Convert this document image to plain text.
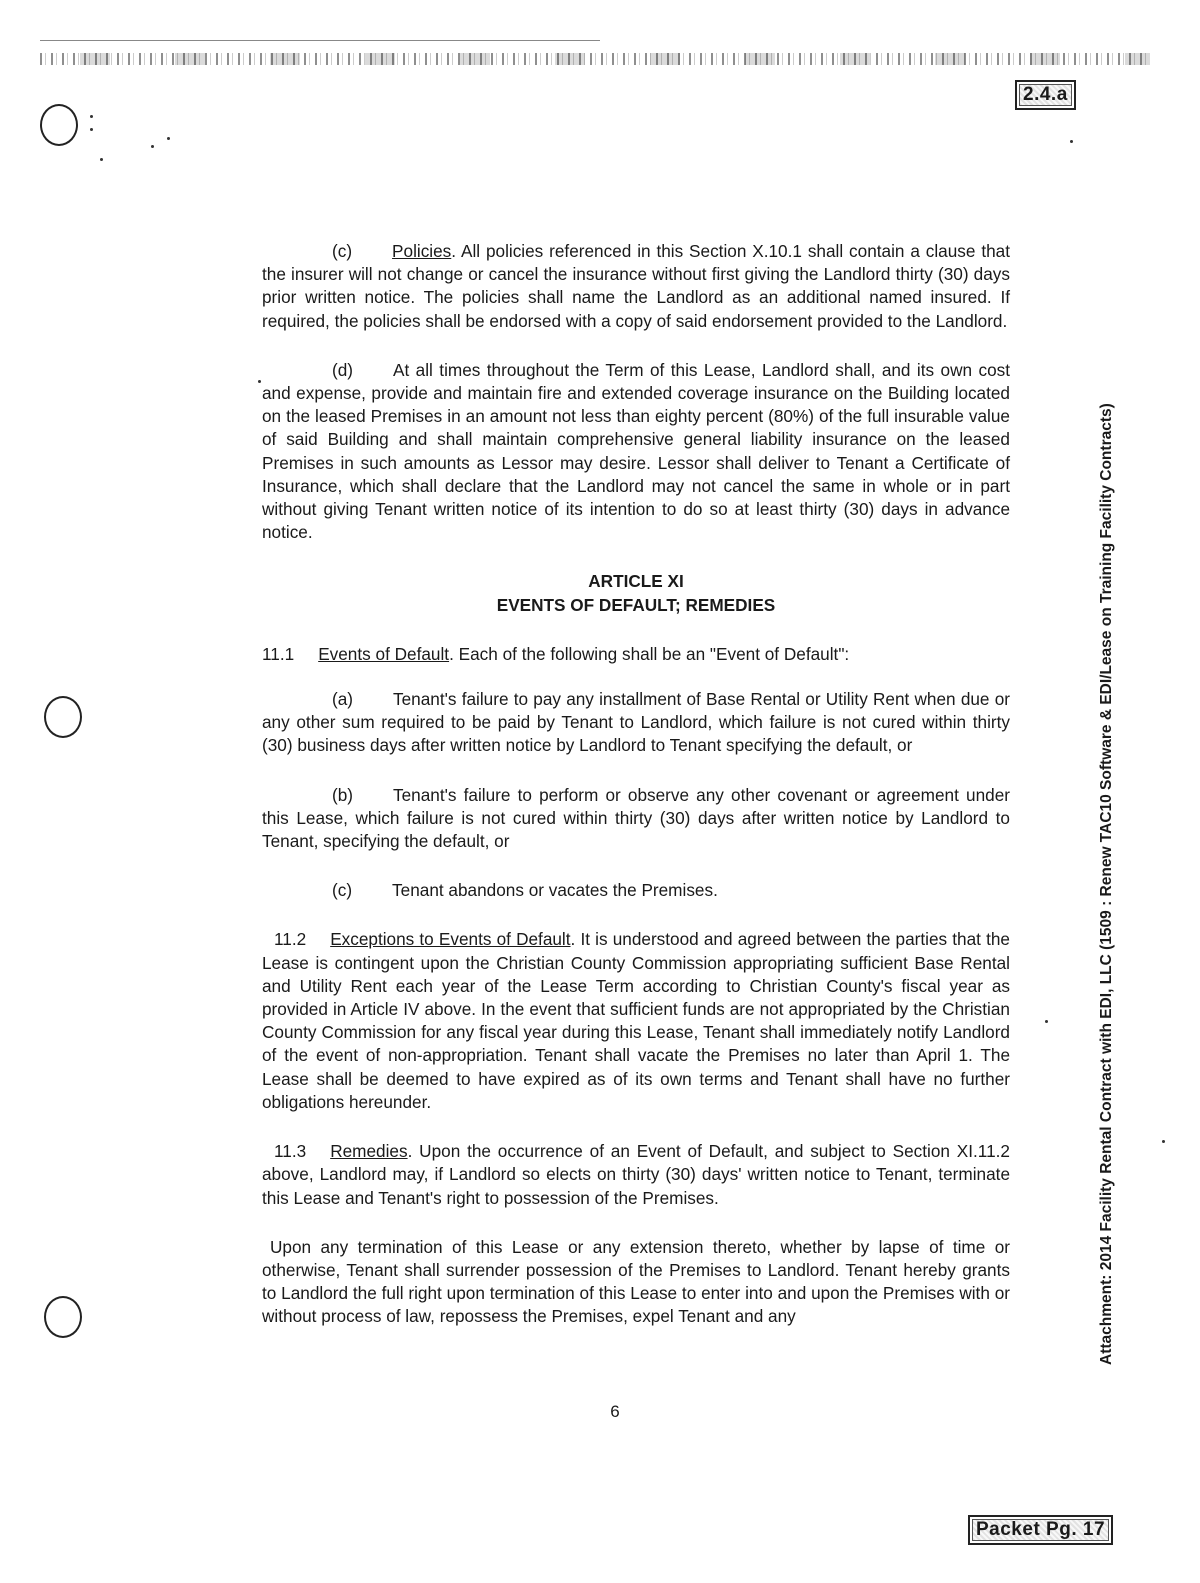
2.4.a
Attachment: 2014 Facility Rental Contract with EDI, LLC (1509 : Renew TAC10 Software & EDI/Lease on Training Facility Contracts)

(c) Policies. All policies referenced in this Section X.10.1 shall contain a clause that the insurer will not change or cancel the insurance without first giving the Landlord thirty (30) days prior written notice. The policies shall name the Landlord as an additional named insured. If required, the policies shall be endorsed with a copy of said endorsement provided to the Landlord.

(d) At all times throughout the Term of this Lease, Landlord shall, and its own cost and expense, provide and maintain fire and extended coverage insurance on the Building located on the leased Premises in an amount not less than eighty percent (80%) of the full insurable value of said Building and shall maintain comprehensive general liability insurance on the leased Premises in such amounts as Lessor may desire. Lessor shall deliver to Tenant a Certificate of Insurance, which shall declare that the Landlord may not cancel the same in whole or in part without giving Tenant written notice of its intention to do so at least thirty (30) days in advance notice.

ARTICLE XI

EVENTS OF DEFAULT; REMEDIES

11.1 Events of Default. Each of the following shall be an "Event of Default":

(a) Tenant's failure to pay any installment of Base Rental or Utility Rent when due or any other sum required to be paid by Tenant to Landlord, which failure is not cured within thirty (30) business days after written notice by Landlord to Tenant specifying the default, or

(b) Tenant's failure to perform or observe any other covenant or agreement under this Lease, which failure is not cured within thirty (30) days after written notice by Landlord to Tenant, specifying the default, or

(c) Tenant abandons or vacates the Premises.

11.2 Exceptions to Events of Default. It is understood and agreed between the parties that the Lease is contingent upon the Christian County Commission appropriating sufficient Base Rental and Utility Rent each year of the Lease Term according to Christian County's fiscal year as provided in Article IV above. In the event that sufficient funds are not appropriated by the Christian County Commission for any fiscal year during this Lease, Tenant shall immediately notify Landlord of the event of non-appropriation. Tenant shall vacate the Premises no later than April 1. The Lease shall be deemed to have expired as of its own terms and Tenant shall have no further obligations hereunder.

11.3 Remedies. Upon the occurrence of an Event of Default, and subject to Section XI.11.2 above, Landlord may, if Landlord so elects on thirty (30) days' written notice to Tenant, terminate this Lease and Tenant's right to possession of the Premises.

Upon any termination of this Lease or any extension thereto, whether by lapse of time or otherwise, Tenant shall surrender possession of the Premises to Landlord. Tenant hereby grants to Landlord the full right upon termination of this Lease to enter into and upon the Premises with or without process of law, repossess the Premises, expel Tenant and any

6
Packet Pg. 17
